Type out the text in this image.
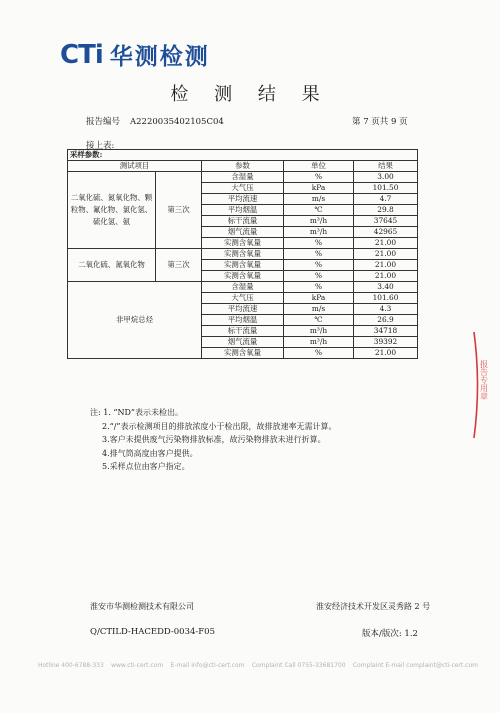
CTi 华测检测
检 测 结 果
报告编号 A2220035402105C04	第 7 页共 9 页
接上表:
采样参数:				
测试项目		参数	单位	结果
二氧化硫、氮氧化物、颗粒物、氟化物、氯化氢、硫化氢、氨	第三次	含湿量	%	3.00
		大气压	kPa	101.50
		平均流速	m/s	4.7
		平均烟温	℃	29.8
		标干流量	m³/h	37645
		烟气流量	m³/h	42965
		实测含氧量	%	21.00
二氧化硫、氮氧化物	第三次	实测含氧量	%	21.00
		实测含氧量	%	21.00
		实测含氧量	%	21.00
非甲烷总烃		含湿量	%	3.40
		大气压	kPa	101.60
		平均流速	m/s	4.3
		平均烟温	℃	26.9
		标干流量	m³/h	34718
		烟气流量	m³/h	39392
		实测含氧量	%	21.00
注: 1. “ND”表示未检出。
2.“/”表示检测项目的排放浓度小于检出限，故排放速率无需计算。
3.客户未提供废气污染物排放标准，故污染物排放未进行折算。
4.排气筒高度由客户提供。
5.采样点位由客户指定。
淮安市华测检测技术有限公司	淮安经济技术开发区灵秀路 2 号
Q/CTILD-HACEDD-0034-F05	版本/版次: 1.2
Hotline 400-6788-333 www.cti-cert.com E-mail info@cti-cert.com Complaint Call 0755-33681700 Complaint E-mail complaint@cti-cert.com
报告专用章
